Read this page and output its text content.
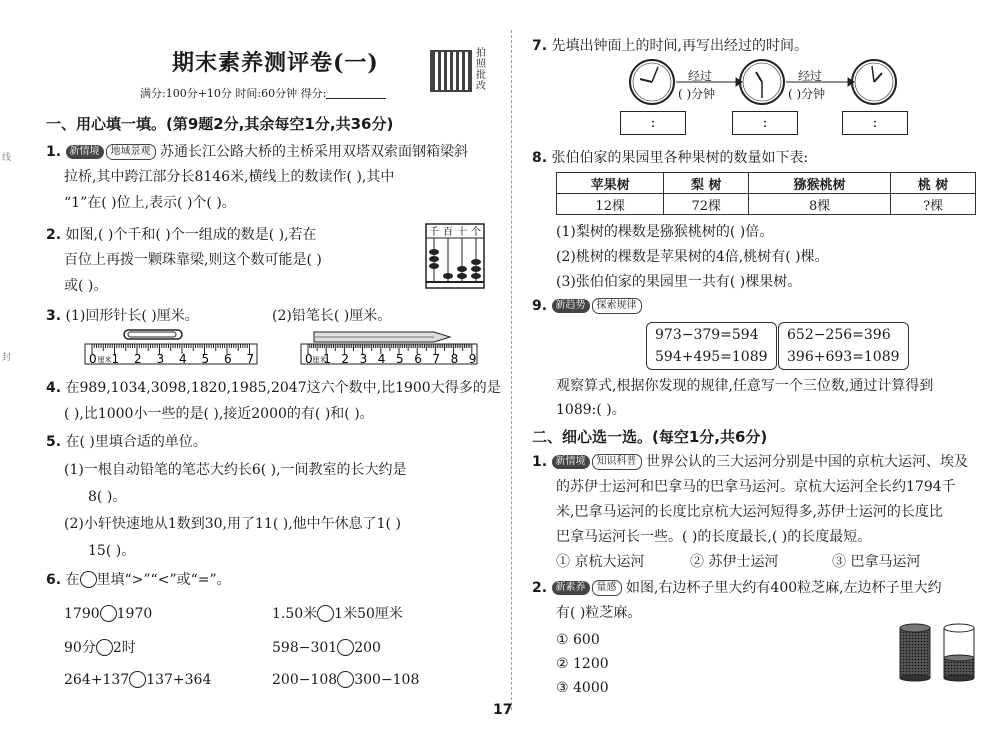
线
封
期末素养测评卷(一)	拍照批改
满分:100分+10分 时间:60分钟 得分:
一、用心填一填。(第9题2分,其余每空1分,共36分)
1. 新情境 地域景观 苏通长江公路大桥的主桥采用双塔双索面钢箱梁斜
拉桥,其中跨江部分长8146米,横线上的数读作( ),其中
“1”在( )位上,表示( )个( )。
2. 如图,( )个千和( )个一组成的数是( ),若在
百位上再拨一颗珠靠梁,则这个数可能是( )
或( )。
千 百 十 个
3. (1)回形针长( )厘米。	(2)铅笔长( )厘米。
0 1 2 3 4 5 6 7
厘米	0 1 2 3 4 5 6 7 8 9
厘米
4. 在989,1034,3098,1820,1985,2047这六个数中,比1900大得多的是
( ),比1000小一些的是( ),接近2000的有( )和( )。
5. 在( )里填合适的单位。
(1)一根自动铅笔的笔芯大约长6( ),一间教室的长大约是
8( )。
(2)小轩快速地从1数到30,用了11( ),他中午休息了1( )
15( )。
6. 在 里填“>”“<”或“=”。
1790 1970	1.50米 1米50厘米
90分 2时	598−301 200
264+137 137+364	200−108 300−108
7. 先填出钟面上的时间,再写出经过的时间。
经过	经过
( )分钟	( )分钟
:	:	:
8. 张伯伯家的果园里各种果树的数量如下表:
苹果树	梨 树	猕猴桃树	桃 树
12棵	72棵	8棵	?棵
(1)梨树的棵数是猕猴桃树的( )倍。
(2)桃树的棵数是苹果树的4倍,桃树有( )棵。
(3)张伯伯家的果园里一共有( )棵果树。
9. 新趋势 探索规律
973−379=594
594+495=1089
652−256=396
396+693=1089
观察算式,根据你发现的规律,任意写一个三位数,通过计算得到
1089:( )。
二、细心选一选。(每空1分,共6分)
1. 新情境 知识科普 世界公认的三大运河分别是中国的京杭大运河、埃及
的苏伊士运河和巴拿马的巴拿马运河。京杭大运河全长约1794千
米,巴拿马运河的长度比京杭大运河短得多,苏伊士运河的长度比
巴拿马运河长一些。( )的长度最长,( )的长度最短。
① 京杭大运河	② 苏伊士运河	③ 巴拿马运河
2. 新素养 量感 如图,右边杯子里大约有400粒芝麻,左边杯子里大约
有( )粒芝麻。
① 600
② 1200
③ 4000
17
